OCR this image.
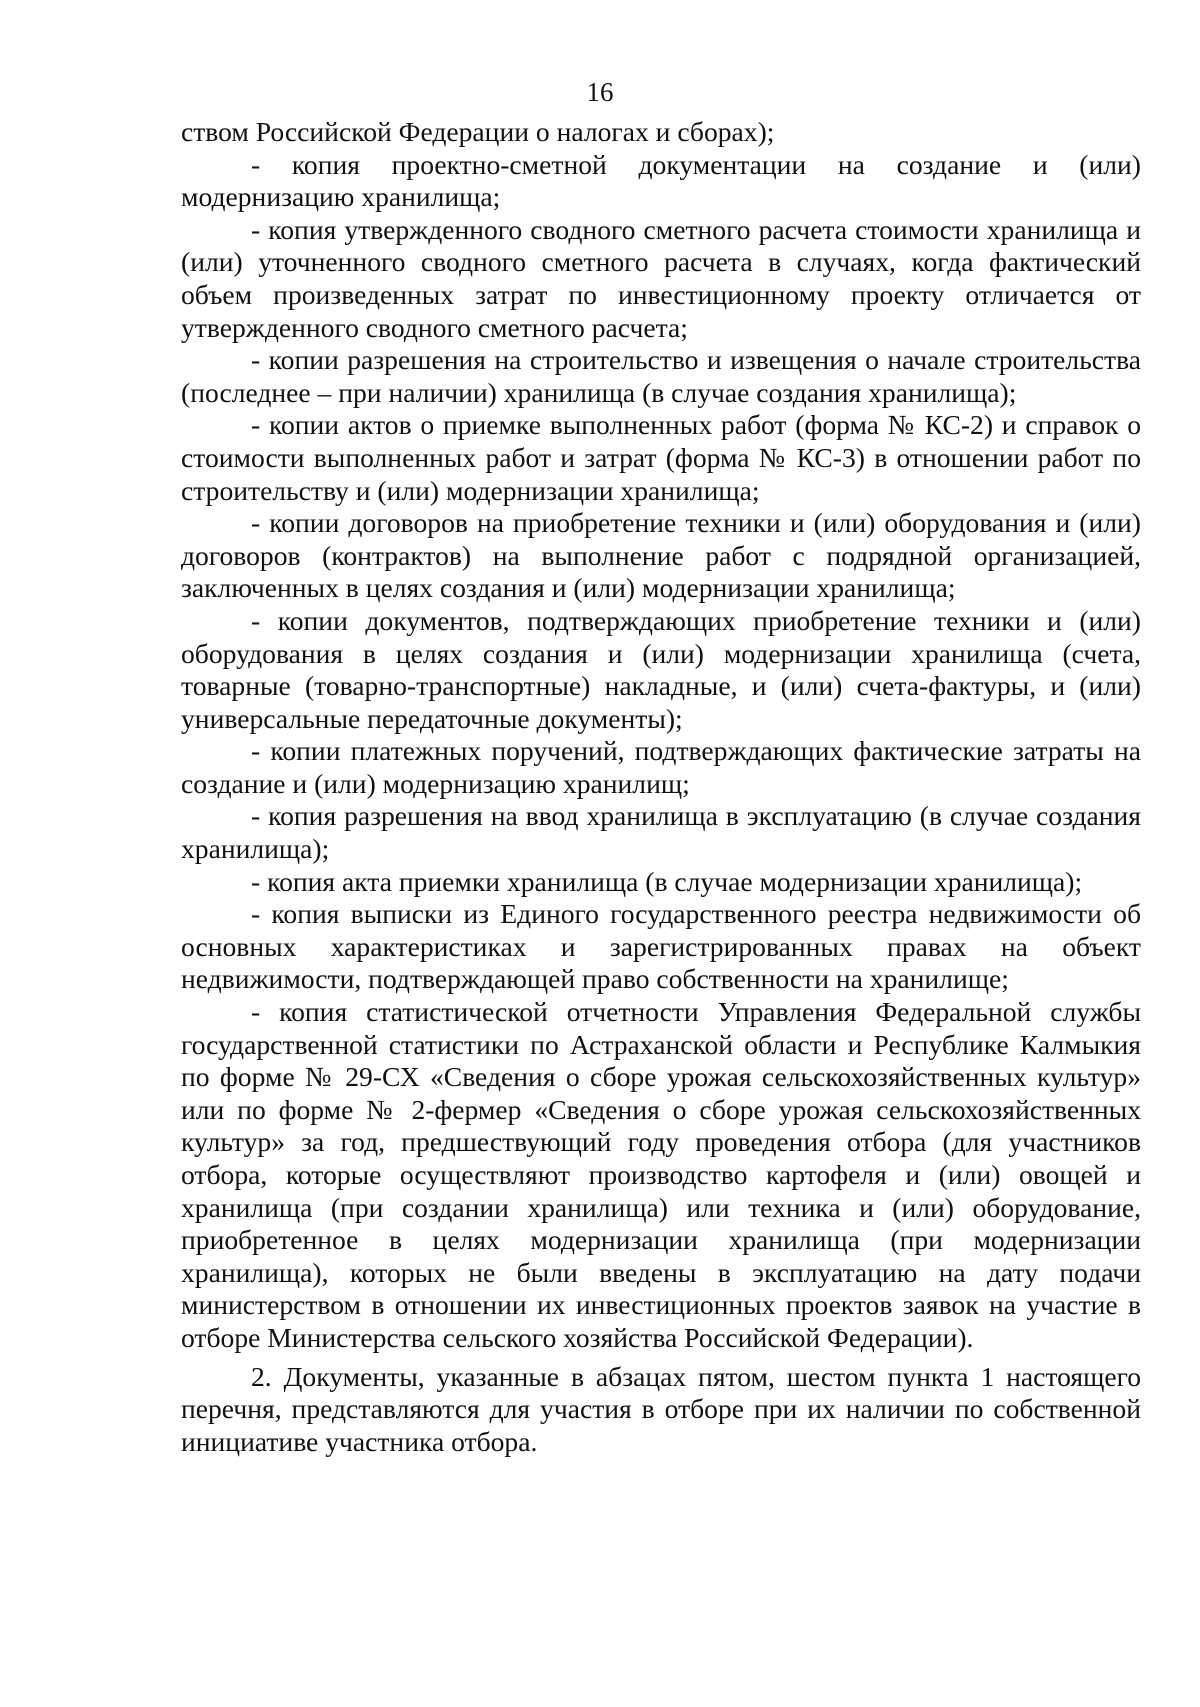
16

ством Российской Федерации о налогах и сборах);

- копия проектно-сметной документации на создание и (или) модернизацию хранилища;

- копия утвержденного сводного сметного расчета стоимости хранилища и (или) уточненного сводного сметного расчета в случаях, когда фактический объем произведенных затрат по инвестиционному проекту отличается от утвержденного сводного сметного расчета;

- копии разрешения на строительство и извещения о начале строительства (последнее – при наличии) хранилища (в случае создания хранилища);

- копии актов о приемке выполненных работ (форма № КС-2) и справок о стоимости выполненных работ и затрат (форма № КС-3) в отношении работ по строительству и (или) модернизации хранилища;

- копии договоров на приобретение техники и (или) оборудования и (или) договоров (контрактов) на выполнение работ с подрядной организацией, заключенных в целях создания и (или) модернизации хранилища;

- копии документов, подтверждающих приобретение техники и (или) оборудования в целях создания и (или) модернизации хранилища (счета, товарные (товарно-транспортные) накладные, и (или) счета-фактуры, и (или) универсальные передаточные документы);

- копии платежных поручений, подтверждающих фактические затраты на создание и (или) модернизацию хранилищ;

- копия разрешения на ввод хранилища в эксплуатацию (в случае создания хранилища);

- копия акта приемки хранилища (в случае модернизации хранилища);

- копия выписки из Единого государственного реестра недвижимости об основных характеристиках и зарегистрированных правах на объект недвижимости, подтверждающей право собственности на хранилище;

- копия статистической отчетности Управления Федеральной службы государственной статистики по Астраханской области и Республике Калмыкия по форме № 29-СХ «Сведения о сборе урожая сельскохозяйственных культур» или по форме № 2-фермер «Сведения о сборе урожая сельскохозяйственных культур» за год, предшествующий году проведения отбора (для участников отбора, которые осуществляют производство картофеля и (или) овощей и хранилища (при создании хранилища) или техника и (или) оборудование, приобретенное в целях модернизации хранилища (при модернизации хранилища), которых не были введены в эксплуатацию на дату подачи министерством в отношении их инвестиционных проектов заявок на участие в отборе Министерства сельского хозяйства Российской Федерации).

2. Документы, указанные в абзацах пятом, шестом пункта 1 настоящего перечня, представляются для участия в отборе при их наличии по собственной инициативе участника отбора.
